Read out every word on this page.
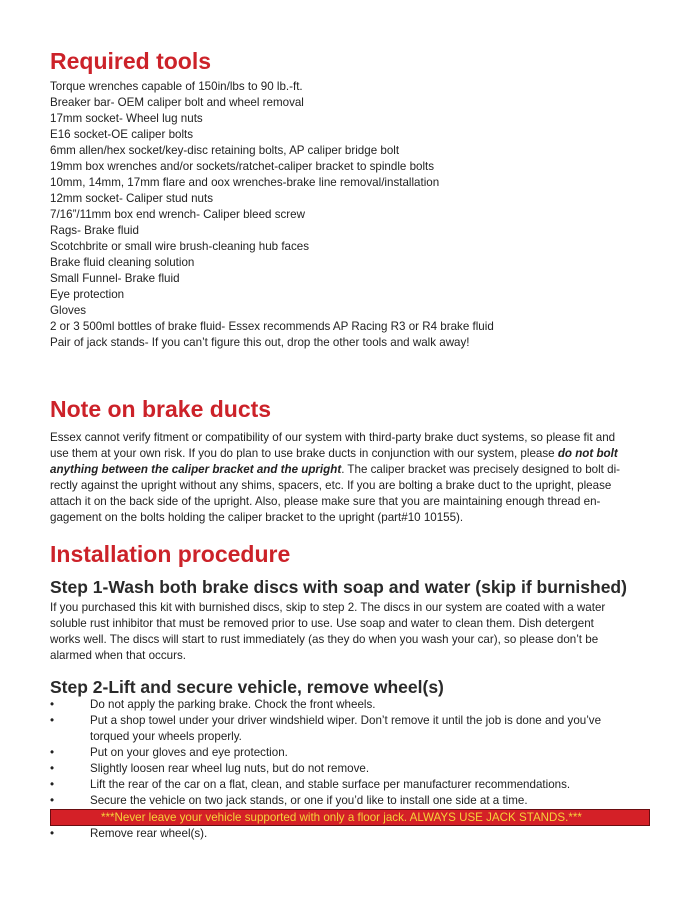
Required tools
Torque wrenches capable of 150in/lbs to 90 lb.-ft.
Breaker bar- OEM caliper bolt and wheel removal
17mm socket- Wheel lug nuts
E16 socket-OE caliper bolts
6mm allen/hex socket/key-disc retaining bolts, AP caliper bridge bolt
19mm box wrenches and/or sockets/ratchet-caliper bracket to spindle bolts
10mm, 14mm, 17mm flare and oox wrenches-brake line removal/installation
12mm socket- Caliper stud nuts
7/16”/11mm box end wrench- Caliper bleed screw
Rags- Brake fluid
Scotchbrite or small wire brush-cleaning hub faces
Brake fluid cleaning solution
Small Funnel- Brake fluid
Eye protection
Gloves
2 or 3 500ml bottles of brake fluid- Essex recommends AP Racing R3 or R4 brake fluid
Pair of jack stands- If you can’t figure this out, drop the other tools and walk away!
Note on brake ducts
Essex cannot verify fitment or compatibility of our system with third-party brake duct systems, so please fit and
use them at your own risk. If you do plan to use brake ducts in conjunction with our system, please do not bolt
anything between the caliper bracket and the upright. The caliper bracket was precisely designed to bolt di-
rectly against the upright without any shims, spacers, etc. If you are bolting a brake duct to the upright, please
attach it on the back side of the upright. Also, please make sure that you are maintaining enough thread en-
gagement on the bolts holding the caliper bracket to the upright (part#10 10155).
Installation procedure
Step 1-Wash both brake discs with soap and water (skip if burnished)
If you purchased this kit with burnished discs, skip to step 2. The discs in our system are coated with a water
soluble rust inhibitor that must be removed prior to use. Use soap and water to clean them. Dish detergent
works well. The discs will start to rust immediately (as they do when you wash your car), so please don’t be
alarmed when that occurs.
Step 2-Lift and secure vehicle, remove wheel(s)
•	Do not apply the parking brake. Chock the front wheels.
•	Put a shop towel under your driver windshield wiper. Don’t remove it until the job is done and you’ve
torqued your wheels properly.
•	Put on your gloves and eye protection.
•	Slightly loosen rear wheel lug nuts, but do not remove.
•	Lift the rear of the car on a flat, clean, and stable surface per manufacturer recommendations.
•	Secure the vehicle on two jack stands, or one if you’d like to install one side at a time.
***Never leave your vehicle supported with only a floor jack. ALWAYS USE JACK STANDS.***
•	Remove rear wheel(s).
